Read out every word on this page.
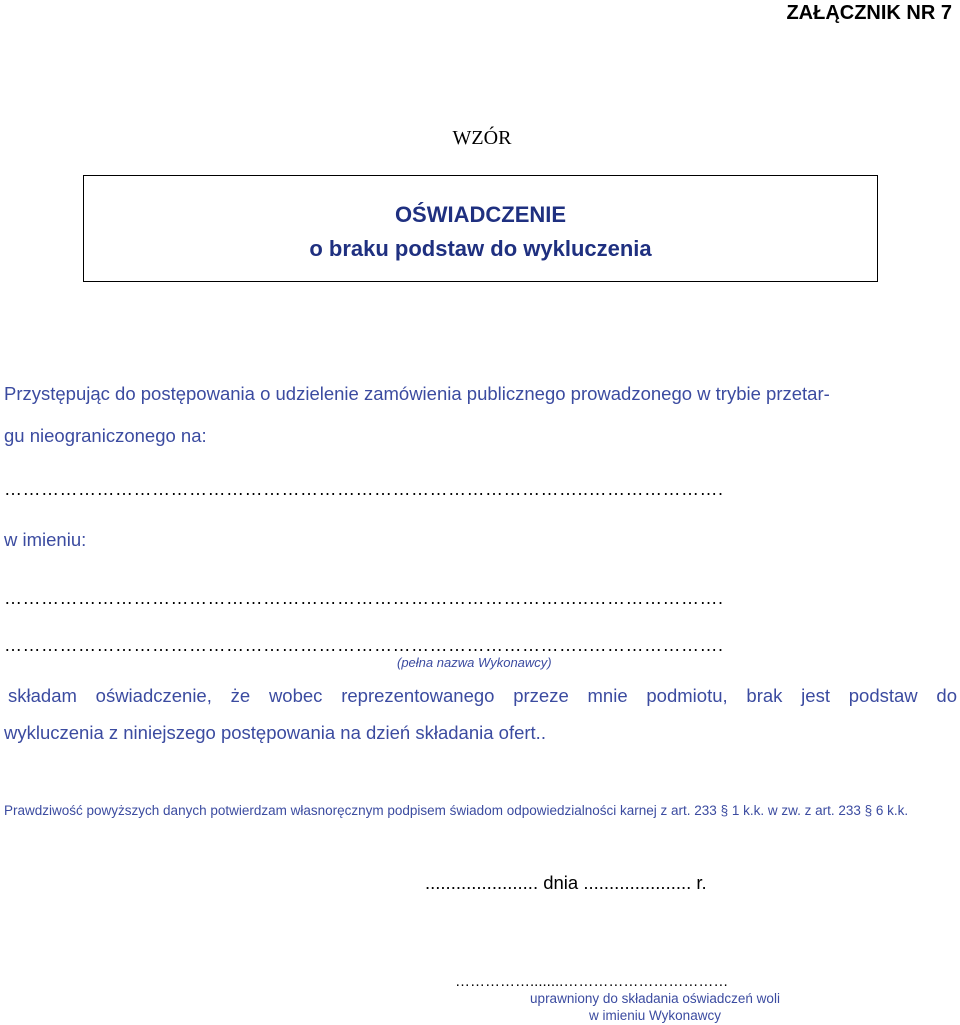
ZAŁĄCZNIK NR 7
WZÓR
OŚWIADCZENIE
o braku podstaw do wykluczenia
Przystępując do postępowania o udzielenie zamówienia publicznego prowadzonego w trybie przetar-
gu nieograniczonego na:
…………………………………………………………………………………..………………….
w imieniu:
…………………………………………………………………………………..………………….
…………………………………………………………………………………..………………….
(pełna nazwa Wykonawcy)
składam oświadczenie, że wobec reprezentowanego przeze mnie podmiotu, brak jest podstaw do
wykluczenia z niniejszego postępowania na dzień składania ofert..
Prawdziwość powyższych danych potwierdzam własnoręcznym podpisem świadom odpowiedzialności karnej z art. 233 § 1 k.k. w zw. z art. 233 § 6 k.k.
...................... dnia ..................... r.
……………........……………………………
uprawniony do składania oświadczeń woli
w imieniu Wykonawcy
